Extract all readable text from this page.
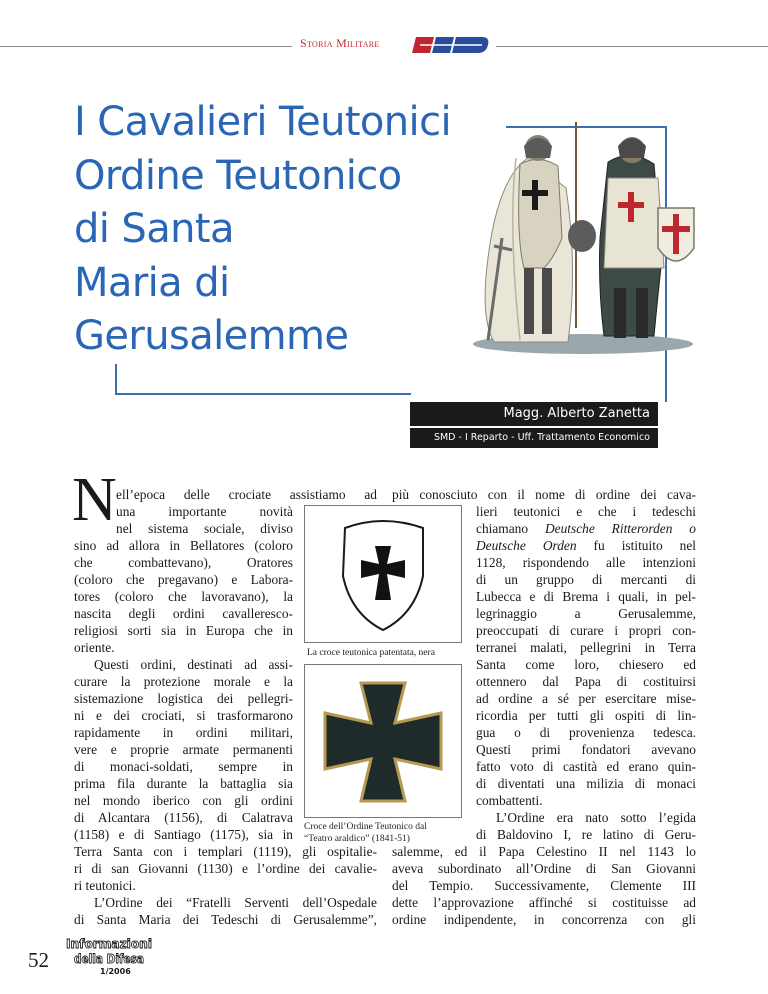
Storia Militare
I Cavalieri Teutonici
Ordine Teutonico
di Santa
Maria di
Gerusalemme
Magg. Alberto Zanetta
SMD - I Reparto - Uff. Trattamento Economico
N ell’epoca delle crociate assistiamo ad
una importante novità
nel sistema sociale, diviso
sino ad allora in Bellatores (coloro
che combattevano), Oratores
(coloro che pregavano) e Labora-
tores (coloro che lavoravano), la
nascita degli ordini cavalleresco-
religiosi sorti sia in Europa che in
oriente.
Questi ordini, destinati ad assi-
curare la protezione morale e la
sistemazione logistica dei pellegri-
ni e dei crociati, si trasformarono
rapidamente in ordini militari,
vere e proprie armate permanenti
di monaci-soldati, sempre in
prima fila durante la battaglia sia
nel mondo iberico con gli ordini
di Alcantara (1156), di Calatrava
(1158) e di Santiago (1175), sia in
Terra Santa con i templari (1119), gli ospitalie-
ri di san Giovanni (1130) e l’ordine dei cavalie-
ri teutonici.
L’Ordine dei “Fratelli Serventi dell’Ospedale
di Santa Maria dei Tedeschi di Gerusalemme”,
La croce teutonica patentata, nera
Croce dell’Ordine Teutonico dal
“Teatro araldico” (1841-51)
più conosciuto con il nome di ordine dei cava-
lieri teutonici e che i tedeschi
chiamano Deutsche Ritterorden o
Deutsche Orden fu istituito nel
1128, rispondendo alle intenzioni
di un gruppo di mercanti di
Lubecca e di Brema i quali, in pel-
legrinaggio a Gerusalemme,
preoccupati di curare i propri con-
terranei malati, pellegrini in Terra
Santa come loro, chiesero ed
ottennero dal Papa di costituirsi
ad ordine a sé per esercitare mise-
ricordia per tutti gli ospiti di lin-
gua o di provenienza tedesca.
Questi primi fondatori avevano
fatto voto di castità ed erano quin-
di diventati una milizia di monaci
combattenti.
L’Ordine era nato sotto l’egida
di Baldovino I, re latino di Geru-
salemme, ed il Papa Celestino II nel 1143 lo
aveva subordinato all’Ordine di San Giovanni
del Tempio. Successivamente, Clemente III
dette l’approvazione affinché si costituisse ad
ordine indipendente, in concorrenza con gli
52
Informazioni
della Difesa
1/2006
